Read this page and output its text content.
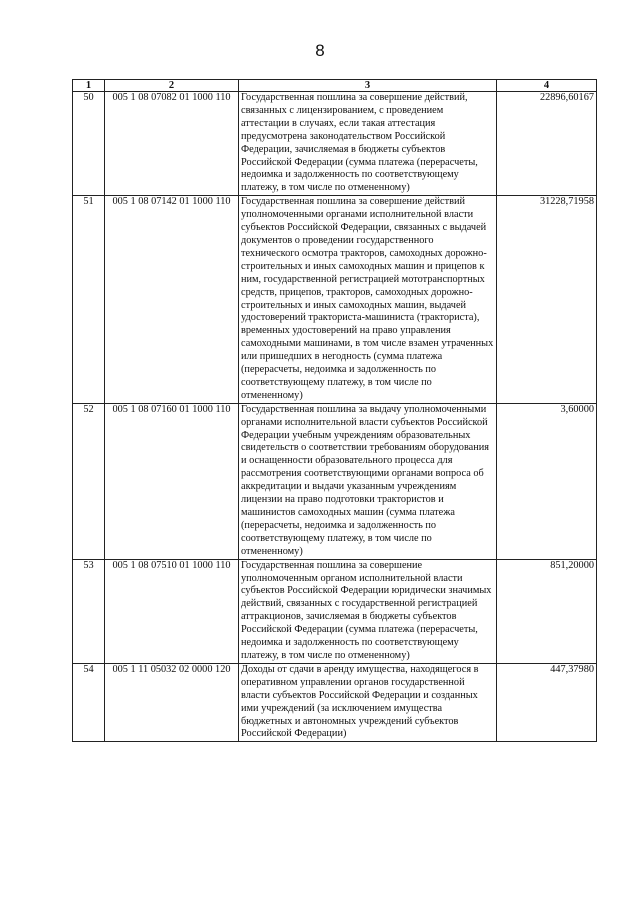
8
1	2	3	4
50	005 1 08 07082 01 1000 110	Государственная пошлина за совершение действий, связанных с лицензированием, с проведением аттестации в случаях, если такая аттестация предусмотрена законодательством Российской Федерации, зачисляемая в бюджеты субъектов Российской Федерации (сумма платежа (перерасчеты, недоимка и задолженность по соответствующему платежу, в том числе по отмененному)	22896,60167
51	005 1 08 07142 01 1000 110	Государственная пошлина за совершение действий уполномоченными органами исполнительной власти субъектов Российской Федерации, связанных с выдачей документов о проведении государственного технического осмотра тракторов, самоходных дорожно-строительных и иных самоходных машин и прицепов к ним, государственной регистрацией мототранспортных средств, прицепов, тракторов, самоходных дорожно-строительных и иных самоходных машин, выдачей удостоверений тракториста-машиниста (тракториста), временных удостоверений на право управления самоходными машинами, в том числе взамен утраченных или пришедших в негодность (сумма платежа (перерасчеты, недоимка и задолженность по соответствующему платежу, в том числе по отмененному)	31228,71958
52	005 1 08 07160 01 1000 110	Государственная пошлина за выдачу уполномоченными органами исполнительной власти субъектов Российской Федерации учебным учреждениям образовательных свидетельств о соответствии требованиям оборудования и оснащенности образовательного процесса для рассмотрения соответствующими органами вопроса об аккредитации и выдачи указанным учреждениям лицензии на право подготовки трактористов и машинистов самоходных машин (сумма платежа (перерасчеты, недоимка и задолженность по соответствующему платежу, в том числе по отмененному)	3,60000
53	005 1 08 07510 01 1000 110	Государственная пошлина за совершение уполномоченным органом исполнительной власти субъектов Российской Федерации юридически значимых действий, связанных с государственной регистрацией аттракционов, зачисляемая в бюджеты субъектов Российской Федерации (сумма платежа (перерасчеты, недоимка и задолженность по соответствующему платежу, в том числе по отмененному)	851,20000
54	005 1 11 05032 02 0000 120	Доходы от сдачи в аренду имущества, находящегося в оперативном управлении органов государственной власти субъектов Российской Федерации и созданных ими учреждений (за исключением имущества бюджетных и автономных учреждений субъектов Российской Федерации)	447,37980
